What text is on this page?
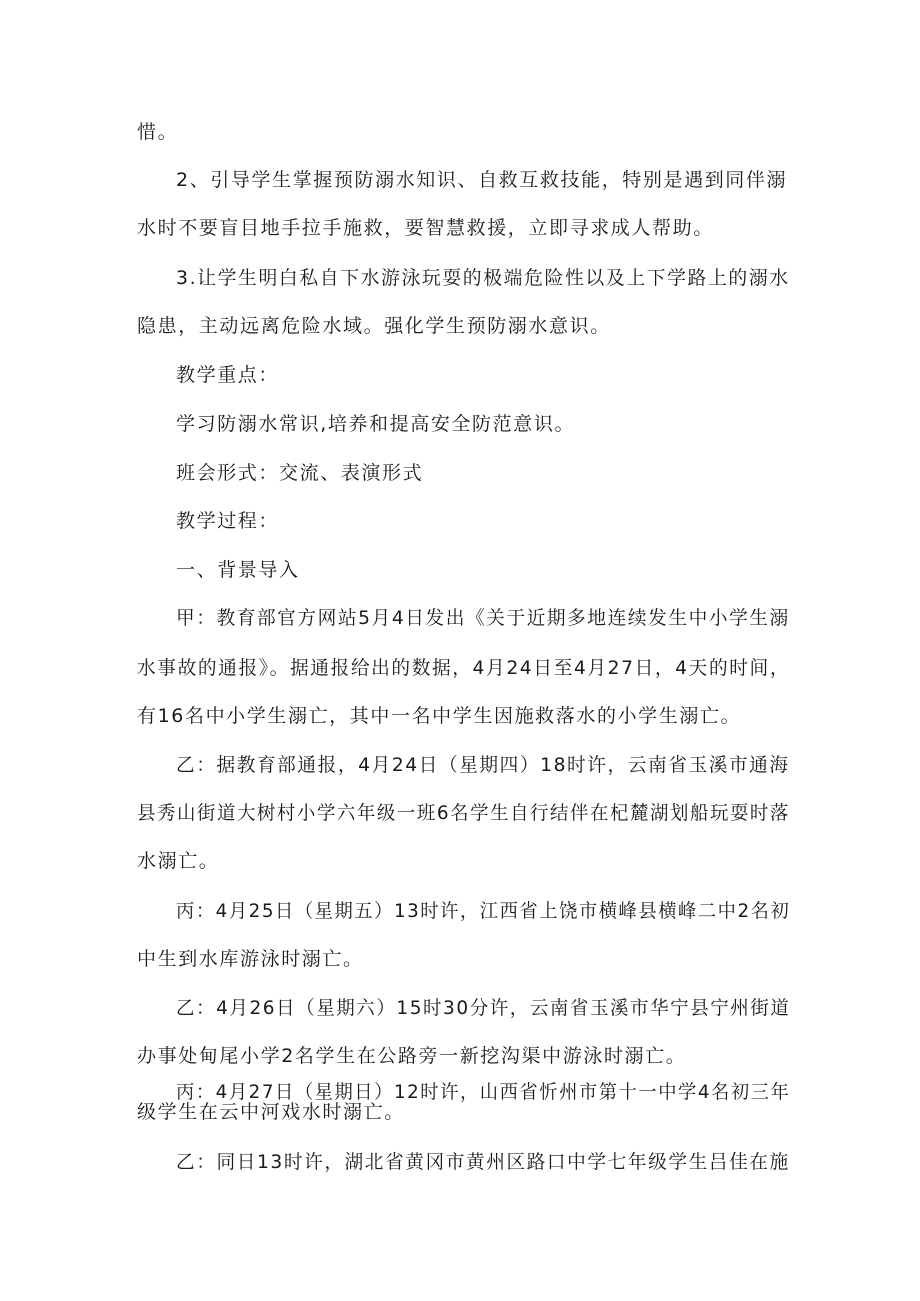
惜。
2、引导学生掌握预防溺水知识、自救互救技能，特别是遇到同伴溺
水时不要盲目地手拉手施救，要智慧救援，立即寻求成人帮助。
3.让学生明白私自下水游泳玩耍的极端危险性以及上下学路上的溺水
隐患，主动远离危险水域。强化学生预防溺水意识。
教学重点：
学习防溺水常识,培养和提高安全防范意识。
班会形式：交流、表演形式
教学过程：
一、背景导入
甲：教育部官方网站5月4日发出《关于近期多地连续发生中小学生溺
水事故的通报》。据通报给出的数据，4月24日至4月27日，4天的时间，
有16名中小学生溺亡，其中一名中学生因施救落水的小学生溺亡。
乙：据教育部通报，4月24日（星期四）18时许，云南省玉溪市通海
县秀山街道大树村小学六年级一班6名学生自行结伴在杞麓湖划船玩耍时落
水溺亡。
丙：4月25日（星期五）13时许，江西省上饶市横峰县横峰二中2名初
中生到水库游泳时溺亡。
乙：4月26日（星期六）15时30分许，云南省玉溪市华宁县宁州街道
办事处甸尾小学2名学生在公路旁一新挖沟渠中游泳时溺亡。
丙：4月27日（星期日）12时许，山西省忻州市第十一中学4名初三年
级学生在云中河戏水时溺亡。
乙：同日13时许，湖北省黄冈市黄州区路口中学七年级学生吕佳在施
